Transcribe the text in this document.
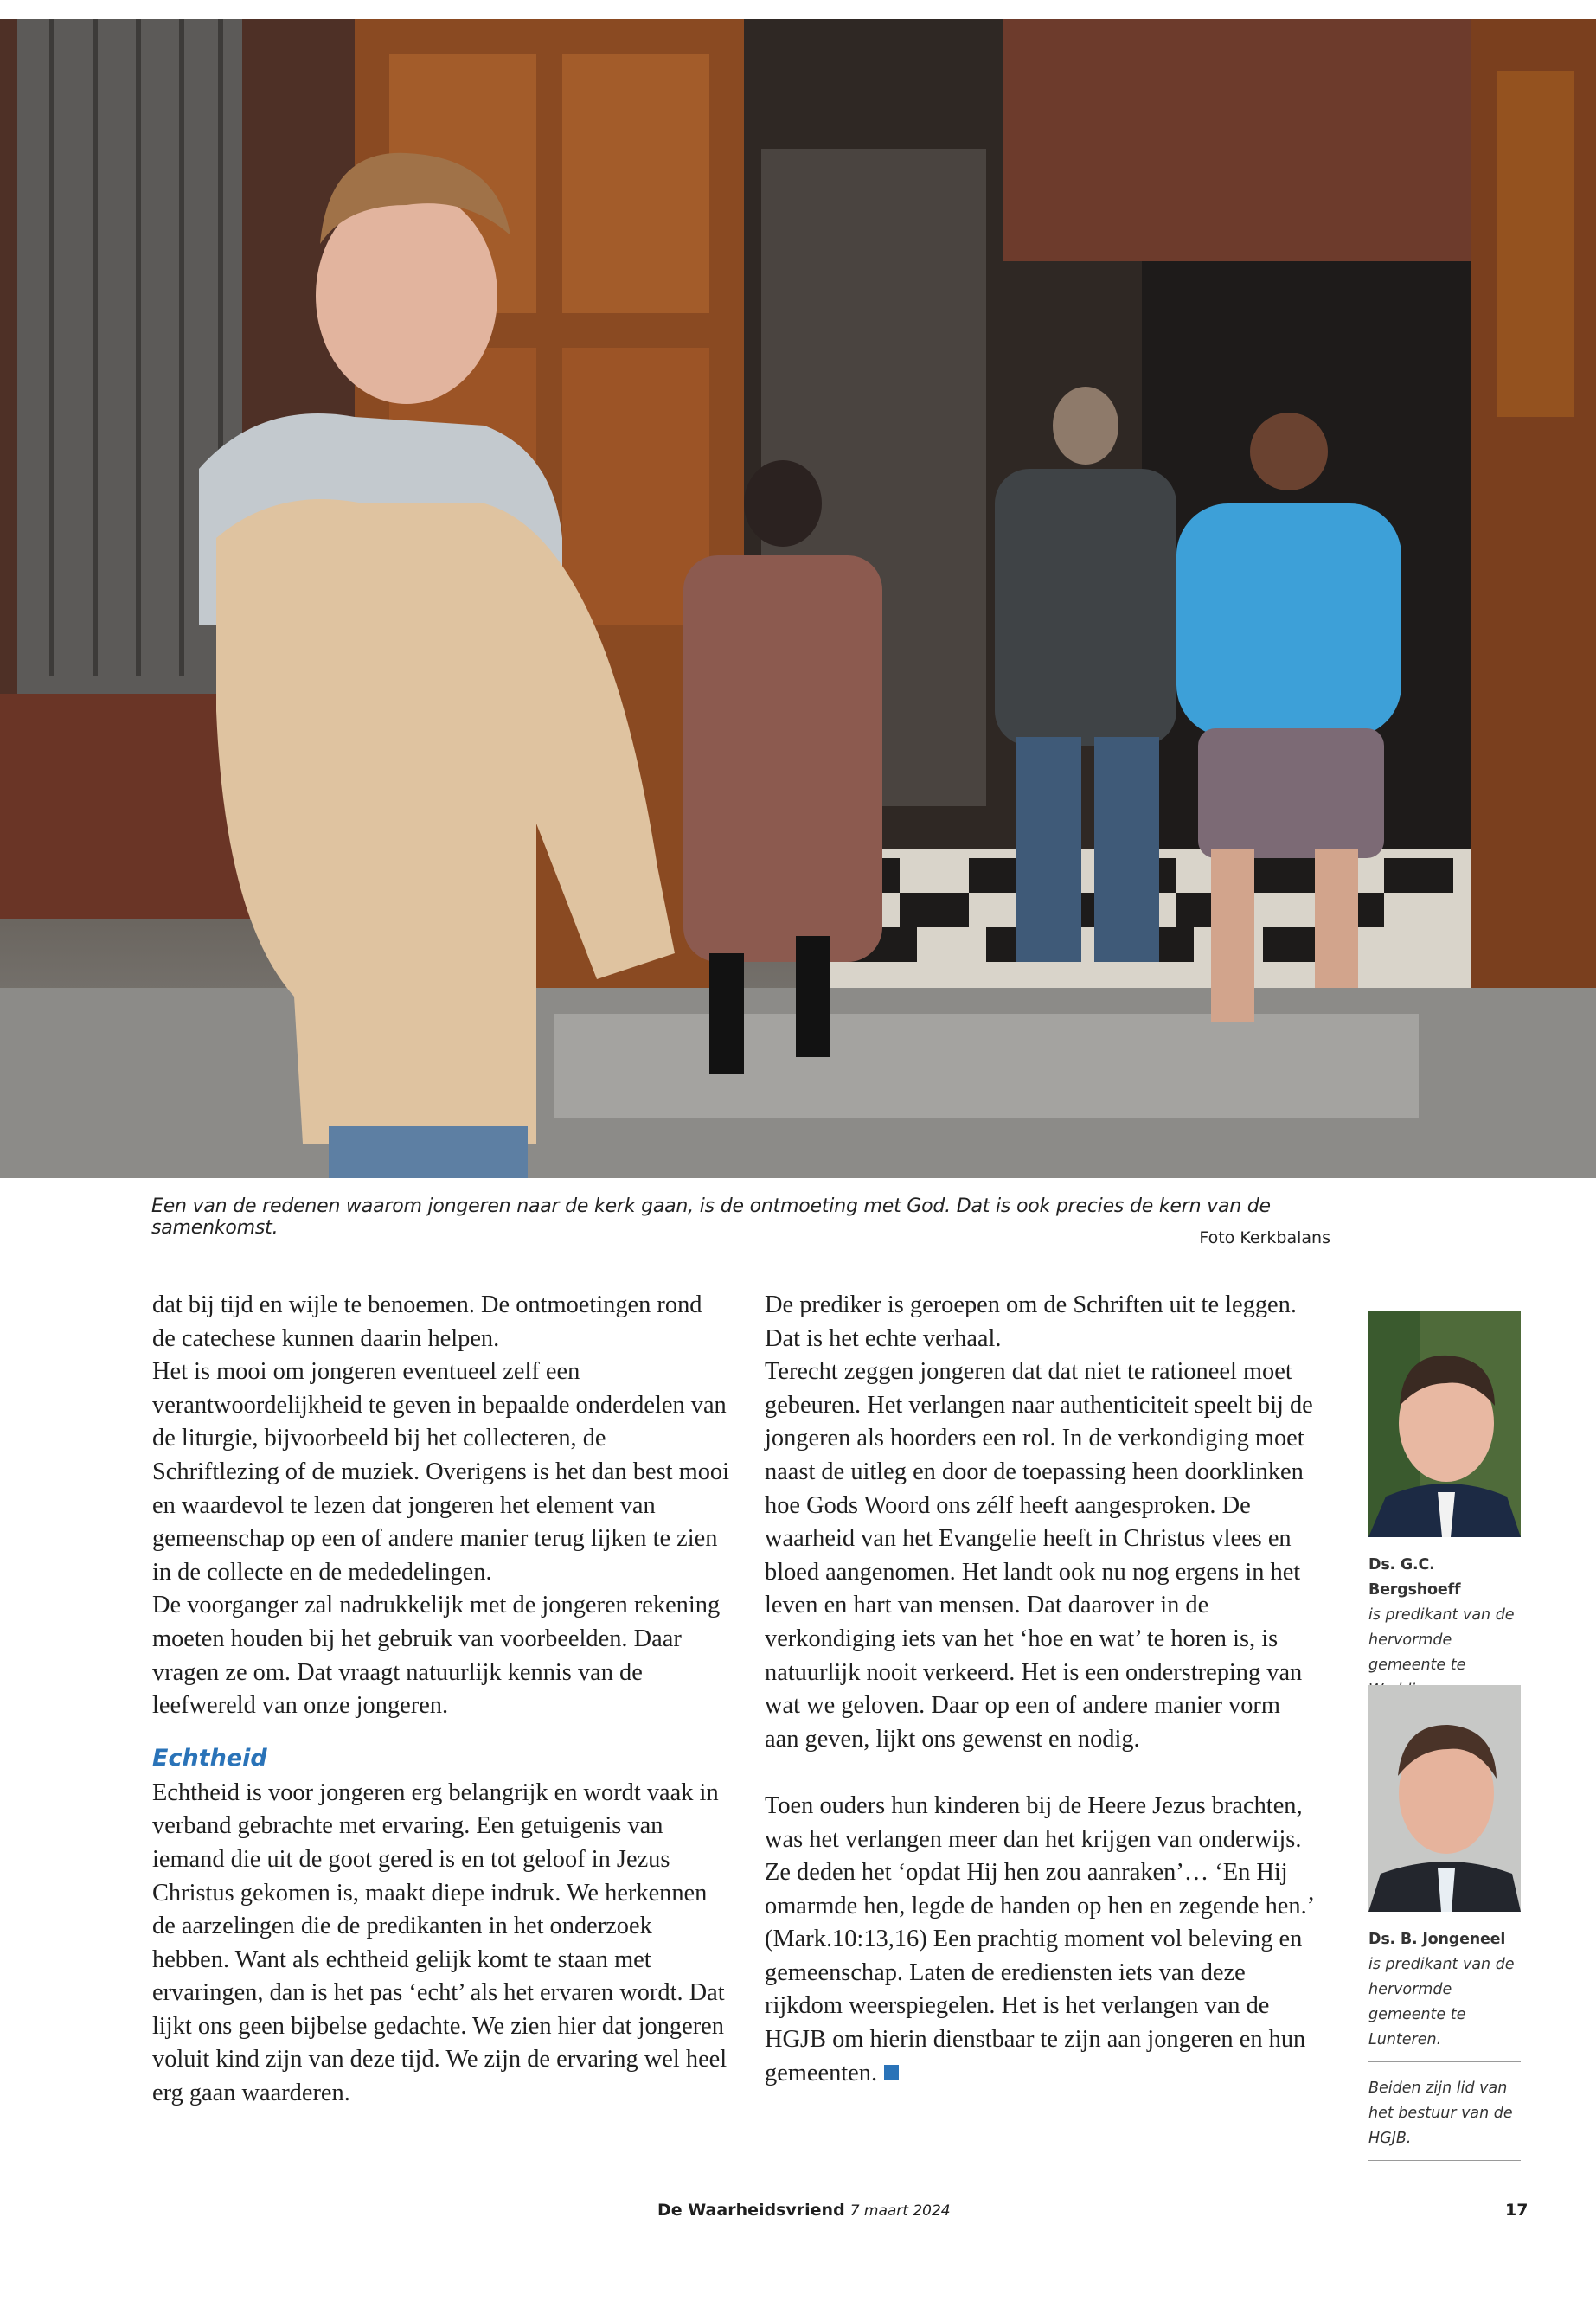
Een van de redenen waarom jongeren naar de kerk gaan, is de ontmoeting met God. Dat is ook precies de kern van de samenkomst.	Foto Kerkbalans

dat bij tijd en wijle te benoemen. De ontmoetingen rond de catechese kunnen daarin helpen.

Het is mooi om jongeren eventueel zelf een verantwoordelijkheid te geven in bepaalde onderdelen van de liturgie, bijvoorbeeld bij het collecteren, de Schriftlezing of de muziek. Overigens is het dan best mooi en waardevol te lezen dat jongeren het element van gemeenschap op een of andere manier terug lijken te zien in de collecte en de mededelingen.

De voorganger zal nadrukkelijk met de jongeren rekening moeten houden bij het gebruik van voorbeelden. Daar vragen ze om. Dat vraagt natuurlijk kennis van de leefwereld van onze jongeren.

Echtheid

Echtheid is voor jongeren erg belangrijk en wordt vaak in verband gebrachte met ervaring. Een getuigenis van iemand die uit de goot gered is en tot geloof in Jezus Christus gekomen is, maakt diepe indruk. We herkennen de aarzelingen die de predikanten in het onderzoek hebben. Want als echtheid gelijk komt te staan met ervaringen, dan is het pas ‘echt’ als het ervaren wordt. Dat lijkt ons geen bijbelse gedachte. We zien hier dat jongeren voluit kind zijn van deze tijd. We zijn de ervaring wel heel erg gaan waarderen.

De prediker is geroepen om de Schriften uit te leggen. Dat is het echte verhaal.

Terecht zeggen jongeren dat dat niet te rationeel moet gebeuren. Het verlangen naar authenticiteit speelt bij de jongeren als hoorders een rol. In de verkondiging moet naast de uitleg en door de toepassing heen doorklinken hoe Gods Woord ons zélf heeft aangesproken. De waarheid van het Evangelie heeft in Christus vlees en bloed aangenomen. Het landt ook nu nog ergens in het leven en hart van mensen. Dat daarover in de verkondiging iets van het ‘hoe en wat’ te horen is, is natuurlijk nooit verkeerd. Het is een onderstreping van wat we geloven. Daar op een of andere manier vorm aan geven, lijkt ons gewenst en nodig.

Toen ouders hun kinderen bij de Heere Jezus brachten, was het verlangen meer dan het krijgen van onderwijs. Ze deden het ‘opdat Hij hen zou aanraken’… ‘En Hij omarmde hen, legde de handen op hen en zegende hen.’ (Mark.10:13,16) Een prachtig moment vol beleving en gemeenschap. Laten de erediensten iets van deze rijkdom weerspiegelen. Het is het verlangen van de HGJB om hierin dienstbaar te zijn aan jongeren en hun gemeenten.

Ds. G.C. Bergshoeff
is predikant van de hervormde gemeente te
Ds. B. Jongeneel
is predikant van de hervormde gemeente te Lunteren.
Beiden zijn lid van het bestuur van de HGJB.
De Waarheidsvriend 7 maart 2024	17
